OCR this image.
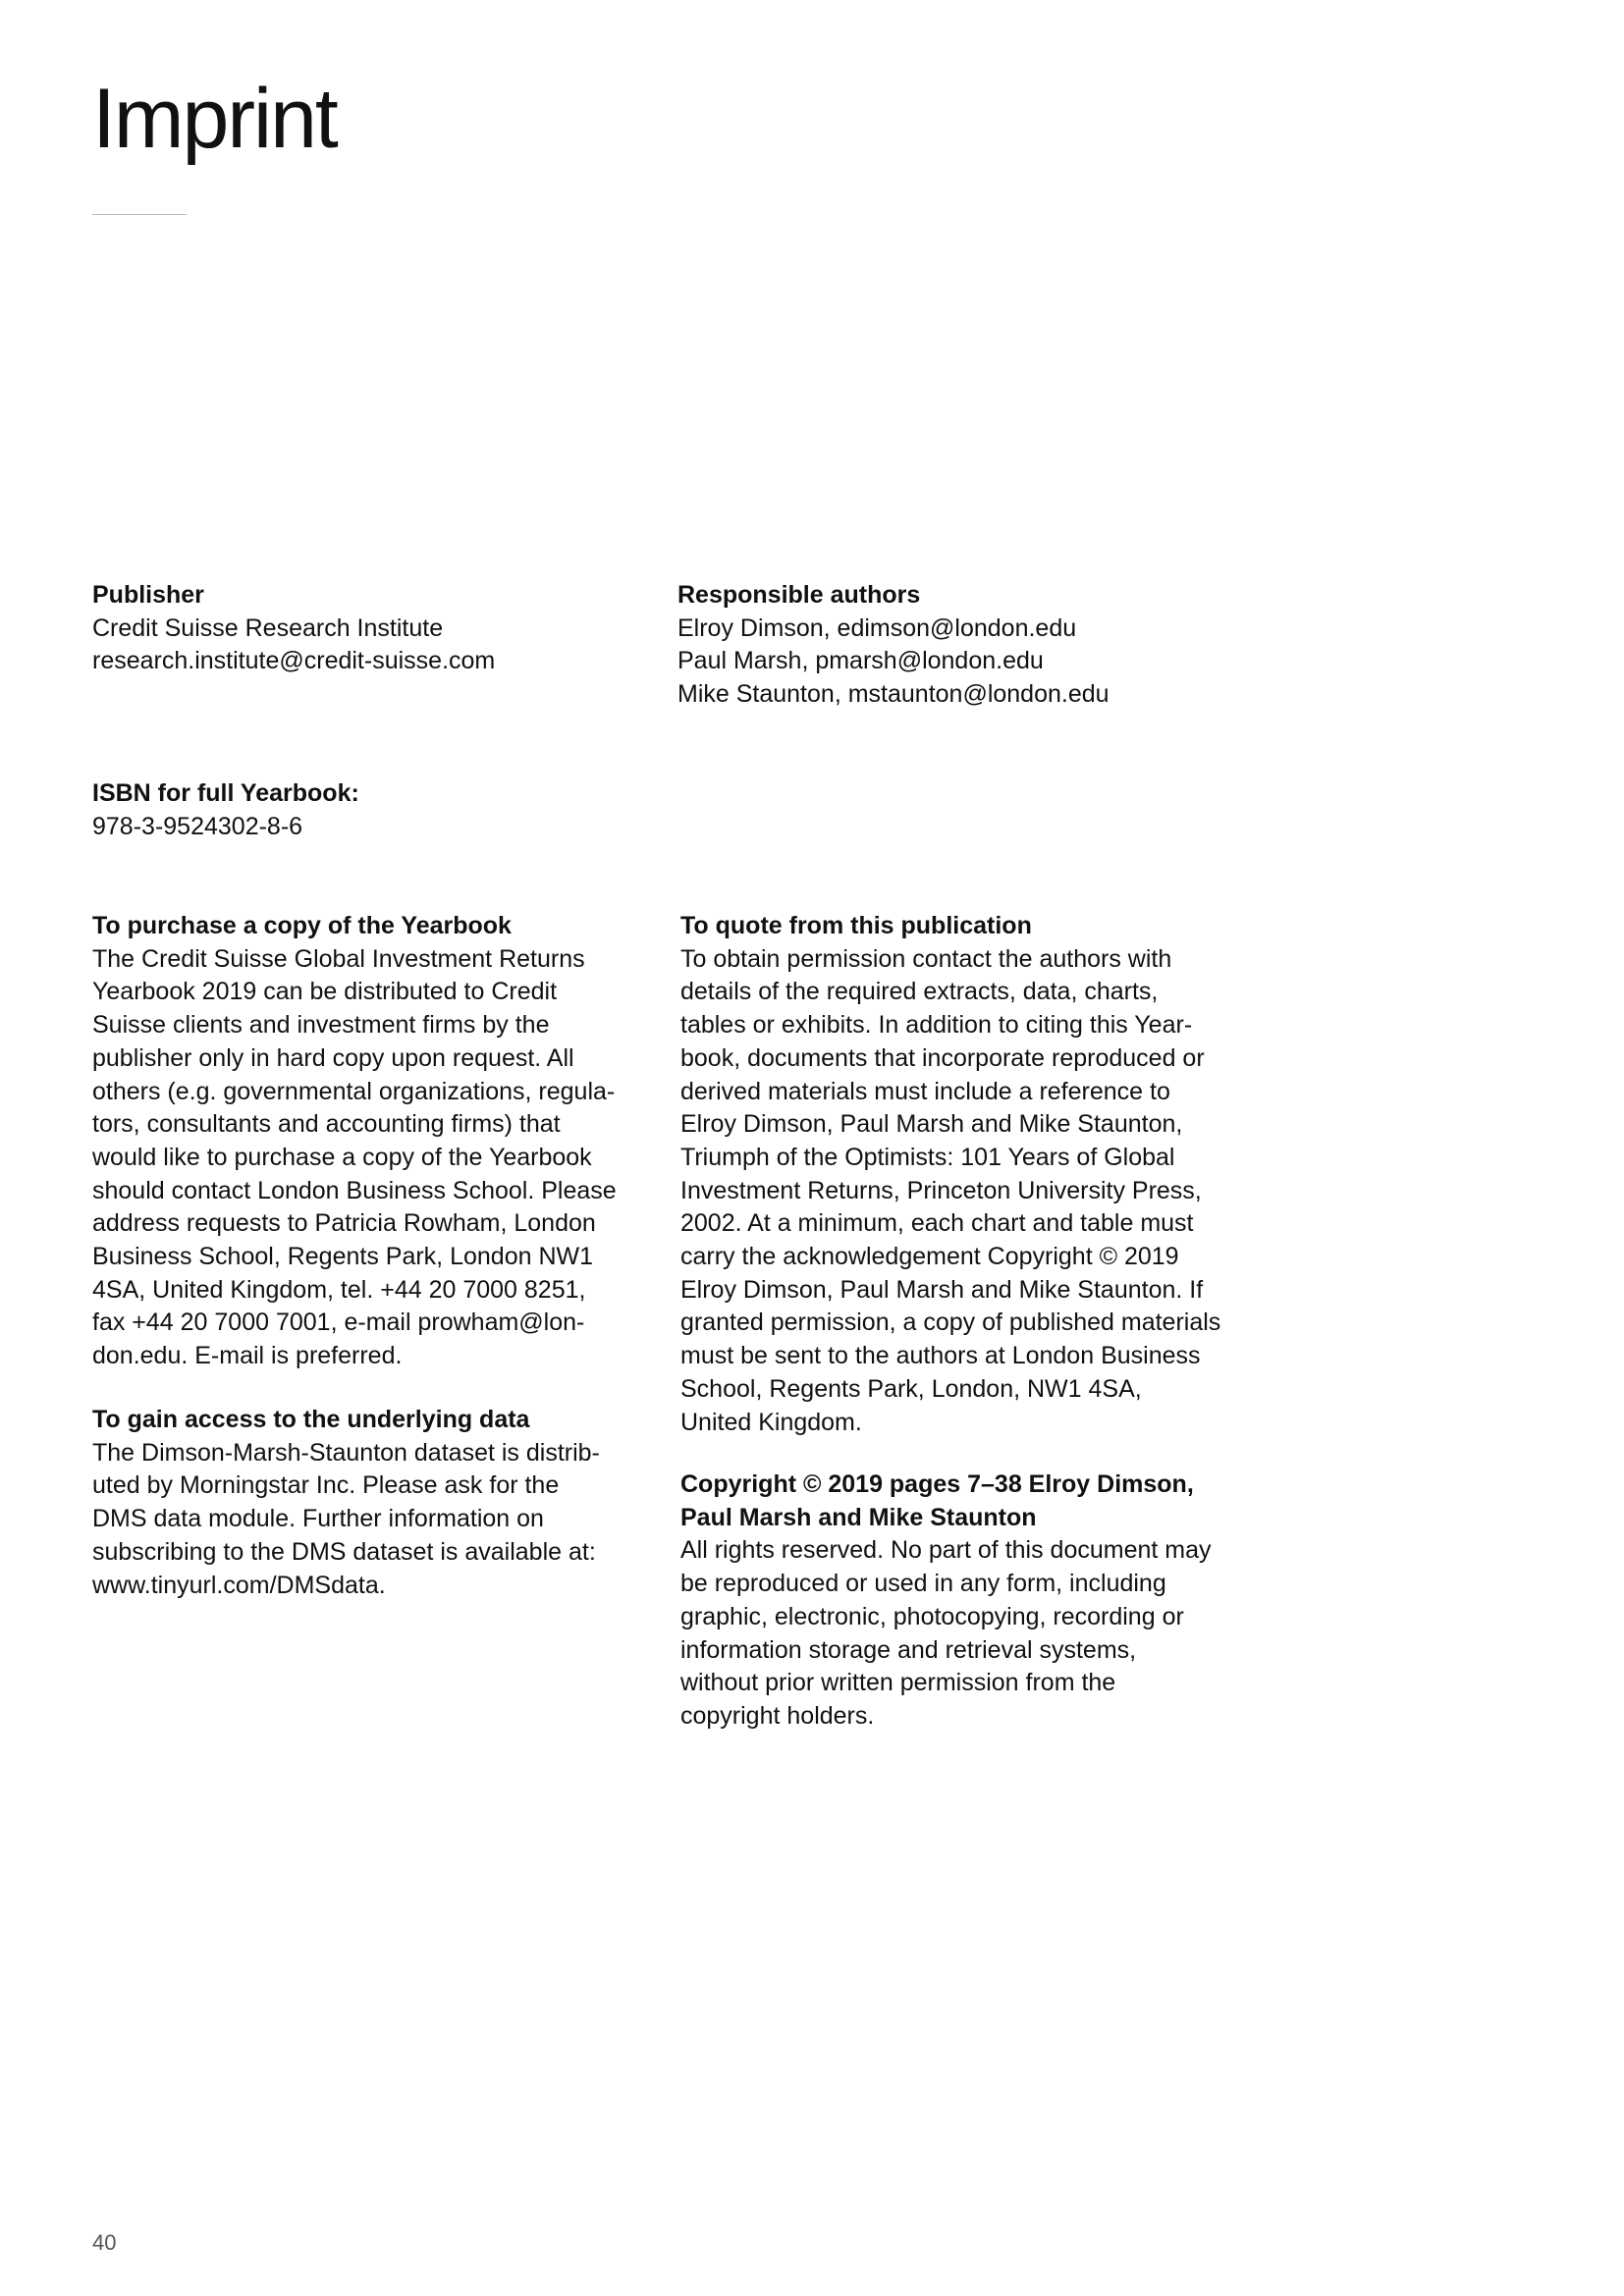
Imprint
Publisher
Credit Suisse Research Institute
research.institute@credit-suisse.com
Responsible authors
Elroy Dimson, edimson@london.edu
Paul Marsh, pmarsh@london.edu
Mike Staunton, mstaunton@london.edu
ISBN for full Yearbook:

978-3-9524302-8-6

To purchase a copy of the Yearbook
The Credit Suisse Global Investment Returns
Yearbook 2019 can be distributed to Credit
Suisse clients and investment firms by the
publisher only in hard copy upon request. All
others (e.g. governmental organizations, regula-
tors, consultants and accounting firms) that
would like to purchase a copy of the Yearbook
should contact London Business School. Please
address requests to Patricia Rowham, London
Business School, Regents Park, London NW1
4SA, United Kingdom, tel. +44 20 7000 8251,
fax +44 20 7000 7001, e-mail prowham@lon-
don.edu. E-mail is preferred.
To gain access to the underlying data
The Dimson-Marsh-Staunton dataset is distrib-
uted by Morningstar Inc. Please ask for the
DMS data module. Further information on
subscribing to the DMS dataset is available at:
www.tinyurl.com/DMSdata.
To quote from this publication
To obtain permission contact the authors with
details of the required extracts, data, charts,
tables or exhibits. In addition to citing this Year-
book, documents that incorporate reproduced or
derived materials must include a reference to
Elroy Dimson, Paul Marsh and Mike Staunton,
Triumph of the Optimists: 101 Years of Global
Investment Returns, Princeton University Press,
2002. At a minimum, each chart and table must
carry the acknowledgement Copyright © 2019
Elroy Dimson, Paul Marsh and Mike Staunton. If
granted permission, a copy of published materials
must be sent to the authors at London Business
School, Regents Park, London, NW1 4SA,
United Kingdom.
Copyright © 2019 pages 7–38 Elroy Dimson,
Paul Marsh and Mike Staunton
All rights reserved. No part of this document may
be reproduced or used in any form, including
graphic, electronic, photocopying, recording or
information storage and retrieval systems,
without prior written permission from the
copyright holders.
40
